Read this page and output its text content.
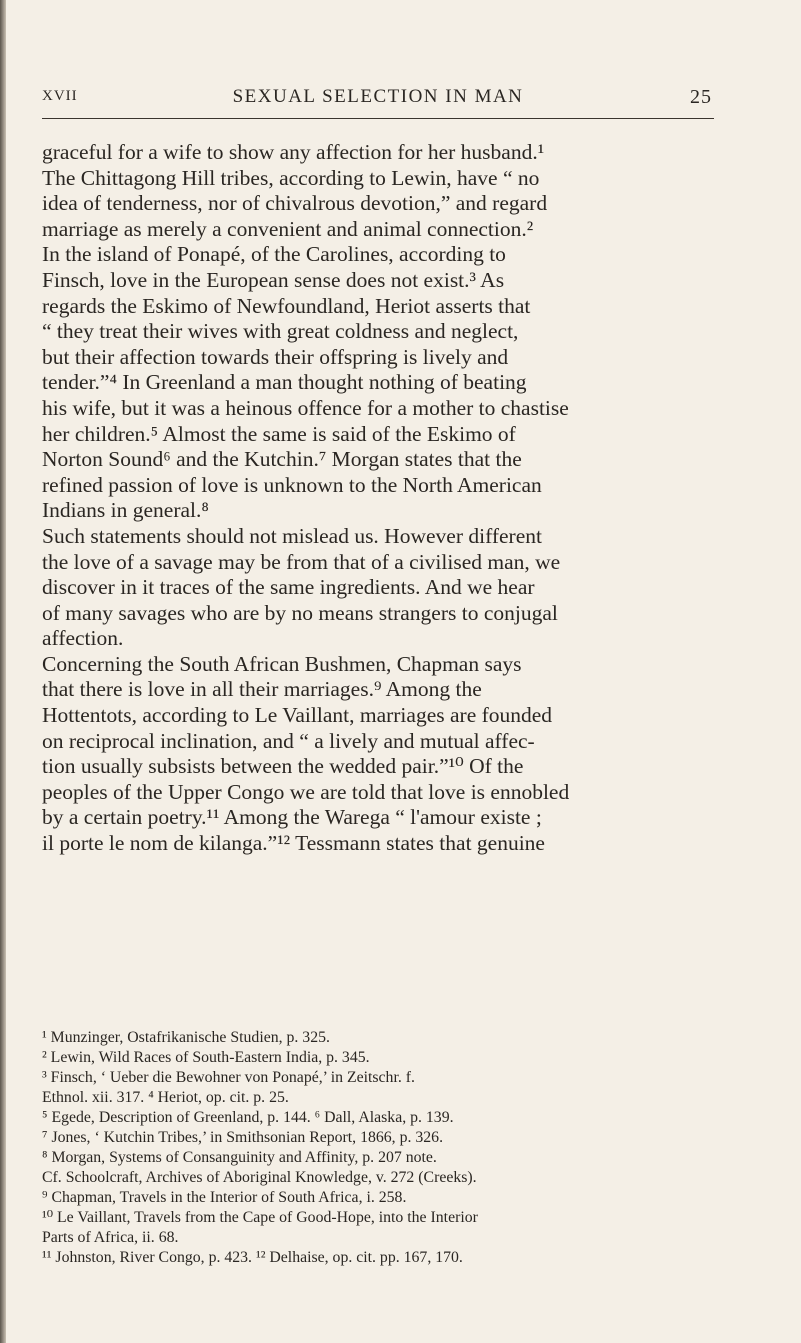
XVII	SEXUAL SELECTION IN MAN	25

graceful for a wife to show any affection for her husband.¹

The Chittagong Hill tribes, according to Lewin, have “ no

idea of tenderness, nor of chivalrous devotion,” and regard

marriage as merely a convenient and animal connection.²

In the island of Ponapé, of the Carolines, according to

Finsch, love in the European sense does not exist.³ As

regards the Eskimo of Newfoundland, Heriot asserts that

“ they treat their wives with great coldness and neglect,

but their affection towards their offspring is lively and

tender.”⁴ In Greenland a man thought nothing of beating

his wife, but it was a heinous offence for a mother to chastise

her children.⁵ Almost the same is said of the Eskimo of

Norton Sound⁶ and the Kutchin.⁷ Morgan states that the

refined passion of love is unknown to the North American

Indians in general.⁸

Such statements should not mislead us. However different

the love of a savage may be from that of a civilised man, we

discover in it traces of the same ingredients. And we hear

of many savages who are by no means strangers to conjugal

affection.

Concerning the South African Bushmen, Chapman says

that there is love in all their marriages.⁹ Among the

Hottentots, according to Le Vaillant, marriages are founded

on reciprocal inclination, and “ a lively and mutual affec-

tion usually subsists between the wedded pair.”¹⁰ Of the

peoples of the Upper Congo we are told that love is ennobled

by a certain poetry.¹¹ Among the Warega “ l'amour existe ;

il porte le nom de kilanga.”¹² Tessmann states that genuine

¹ Munzinger, Ostafrikanische Studien, p. 325.

² Lewin, Wild Races of South-Eastern India, p. 345.

³ Finsch, ‘ Ueber die Bewohner von Ponapé,’ in Zeitschr. f.

Ethnol. xii. 317. ⁴ Heriot, op. cit. p. 25.

⁵ Egede, Description of Greenland, p. 144. ⁶ Dall, Alaska, p. 139.

⁷ Jones, ‘ Kutchin Tribes,’ in Smithsonian Report, 1866, p. 326.

⁸ Morgan, Systems of Consanguinity and Affinity, p. 207 note.

Cf. Schoolcraft, Archives of Aboriginal Knowledge, v. 272 (Creeks).

⁹ Chapman, Travels in the Interior of South Africa, i. 258.

¹⁰ Le Vaillant, Travels from the Cape of Good-Hope, into the Interior

Parts of Africa, ii. 68.

¹¹ Johnston, River Congo, p. 423. ¹² Delhaise, op. cit. pp. 167, 170.
